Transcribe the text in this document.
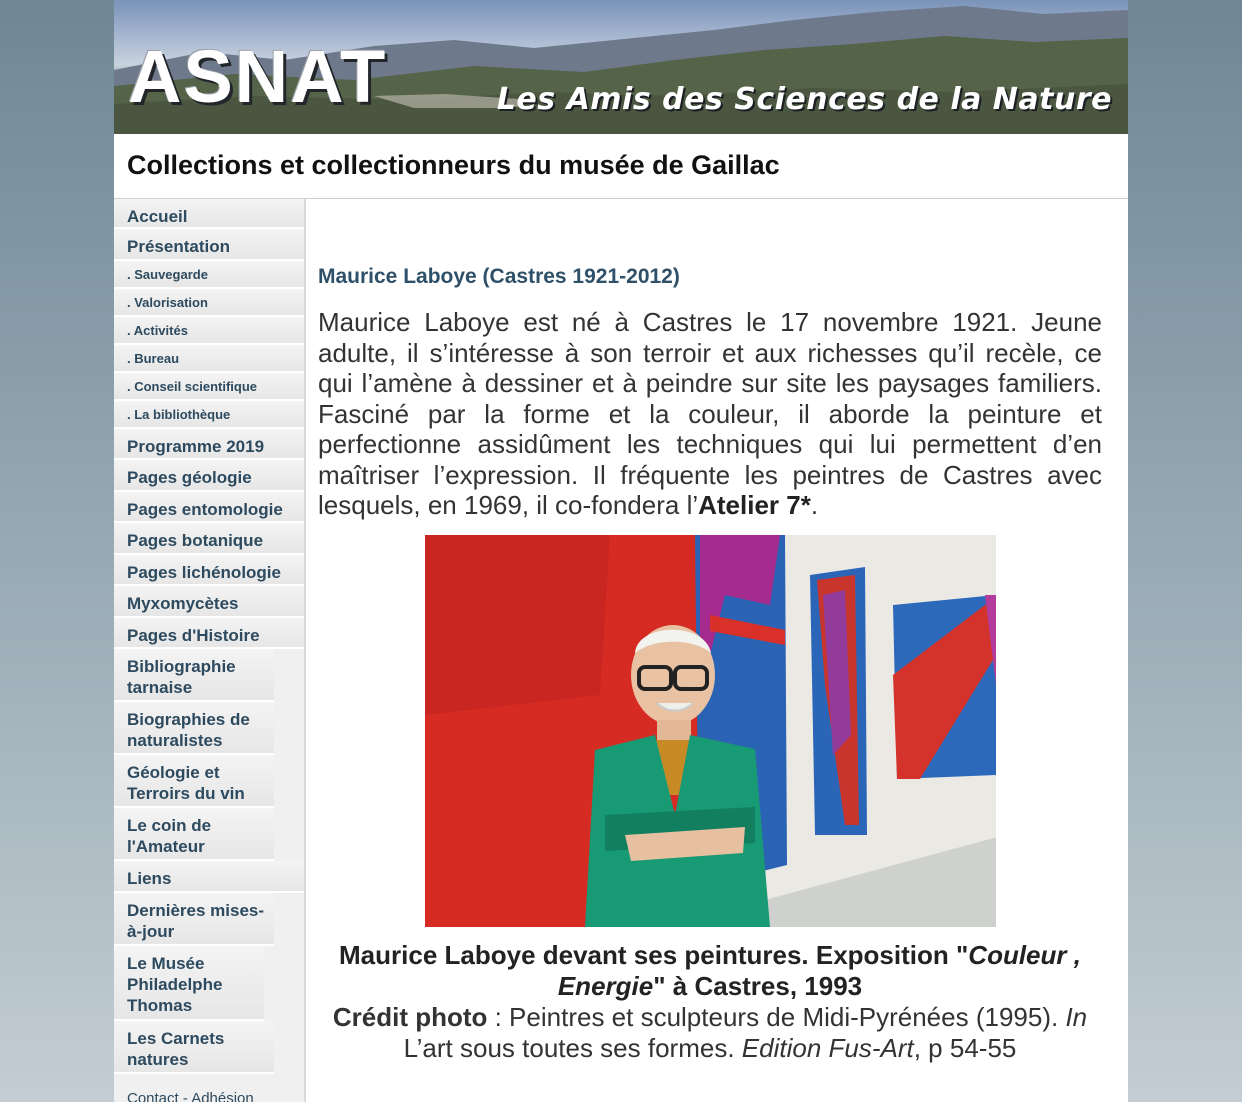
ASNAT	Les Amis des Sciences de la Nature
Collections et collectionneurs du musée de Gaillac
Accueil
Présentation
. Sauvegarde
. Valorisation
. Activités
. Bureau
. Conseil scientifique
. La bibliothèque
Programme 2019
Pages géologie
Pages entomologie
Pages botanique
Pages lichénologie
Myxomycètes
Pages d'Histoire
Bibliographie tarnaise
Biographies de naturalistes
Géologie et Terroirs du vin
Le coin de l'Amateur
Liens
Dernières mises-à-jour
Le Musée Philadelphe Thomas
Les Carnets natures
Contact - Adhésion
Maurice Laboye (Castres 1921-2012)

Maurice Laboye est né à Castres le 17 novembre 1921. Jeune adulte, il s’intéresse à son terroir et aux richesses qu’il recèle, ce qui l’amène à dessiner et à peindre sur site les paysages familiers. Fasciné par la forme et la couleur, il aborde la peinture et perfectionne assidûment les techniques qui lui permettent d’en maîtriser l’expression. Il fréquente les peintres de Castres avec lesquels, en 1969, il co-fondera l’Atelier 7*.

Maurice Laboye devant ses peintures. Exposition "Couleur , Energie" à Castres, 1993
Crédit photo : Peintres et sculpteurs de Midi-Pyrénées (1995). In L’art sous toutes ses formes. Edition Fus-Art, p 54-55
